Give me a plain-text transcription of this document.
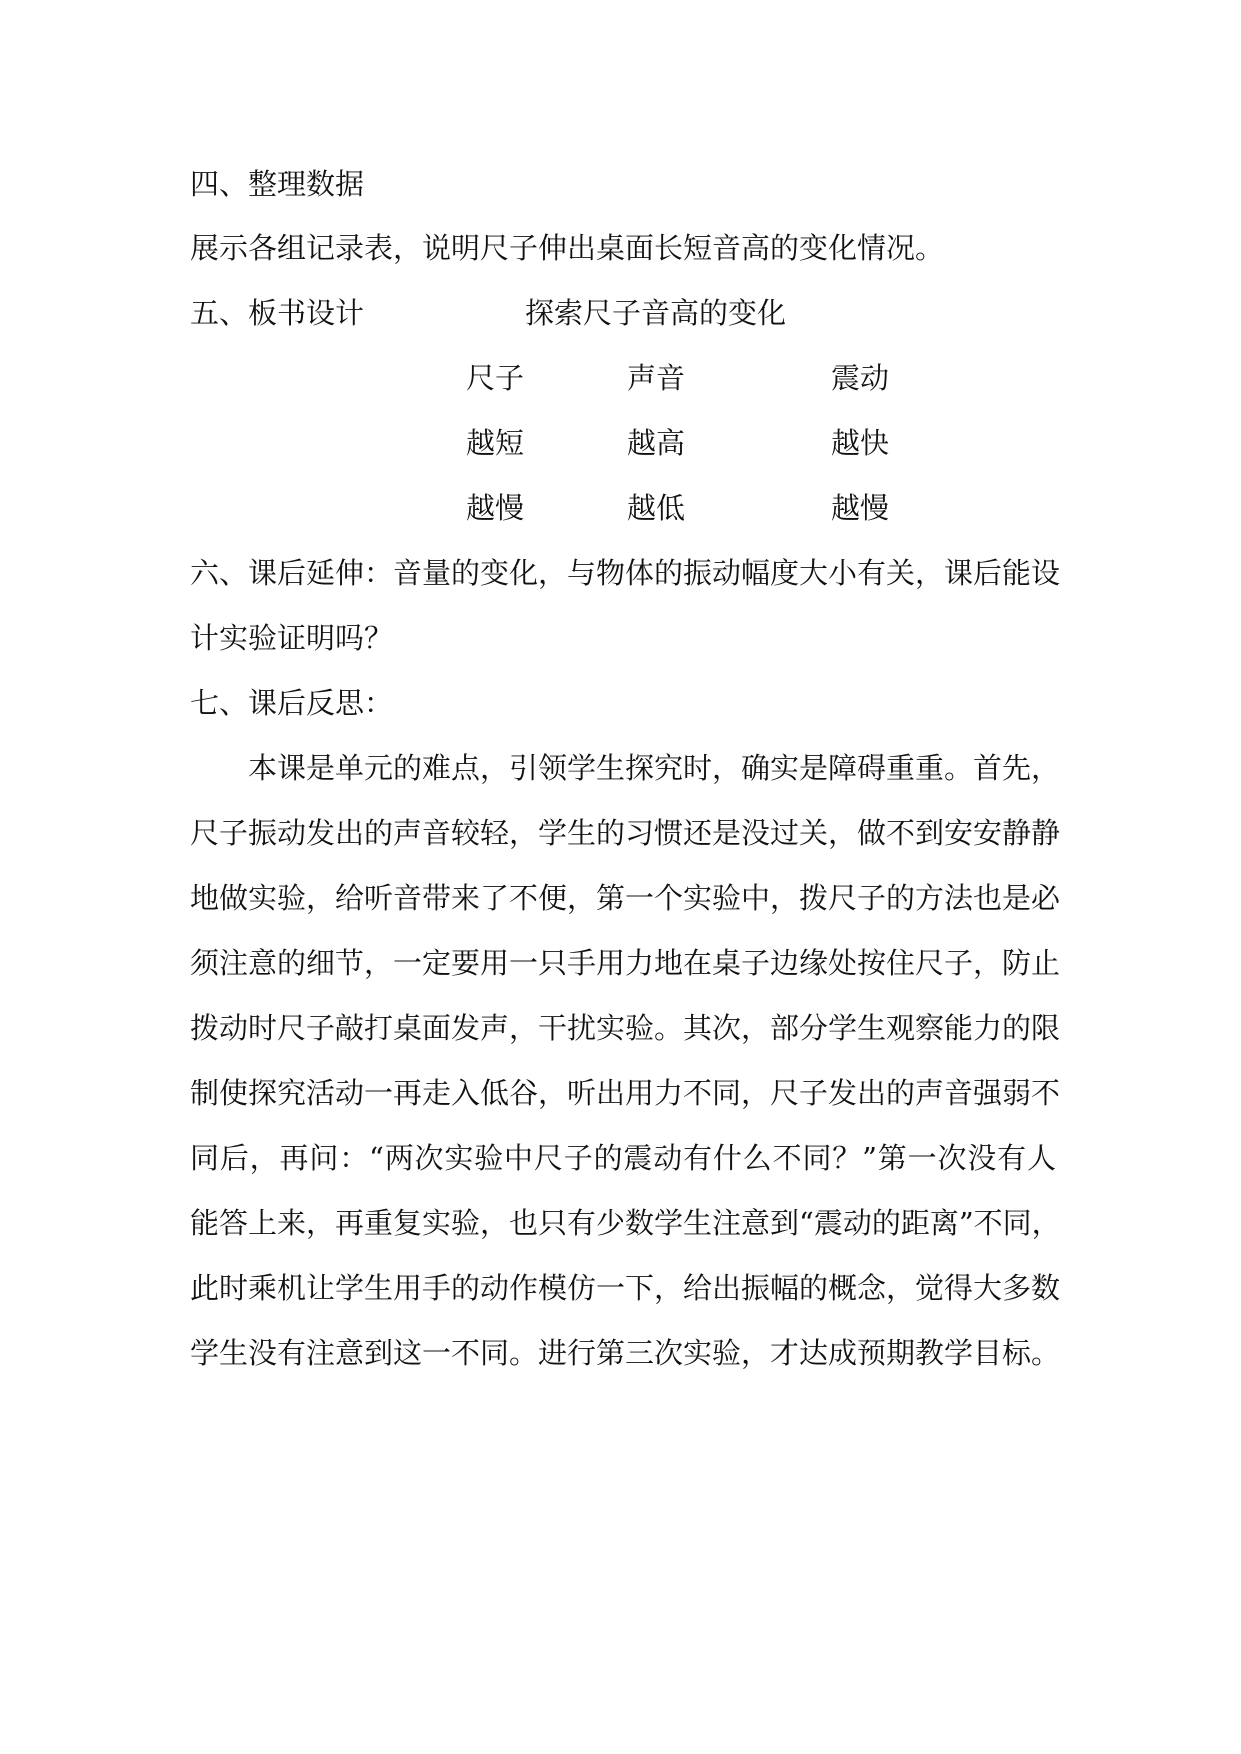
四、整理数据
展示各组记录表，说明尺子伸出桌面长短音高的变化情况。
五、板书设计	探索尺子音高的变化
尺子	声音	震动
越短	越高	越快
越慢	越低	越慢
六、课后延伸：音量的变化，与物体的振动幅度大小有关，课后能设
计实验证明吗？
七、课后反思：
本课是单元的难点，引领学生探究时，确实是障碍重重。首先，
尺子振动发出的声音较轻，学生的习惯还是没过关，做不到安安静静
地做实验，给听音带来了不便，第一个实验中，拨尺子的方法也是必
须注意的细节，一定要用一只手用力地在桌子边缘处按住尺子，防止
拨动时尺子敲打桌面发声，干扰实验。其次，部分学生观察能力的限
制使探究活动一再走入低谷，听出用力不同，尺子发出的声音强弱不
同后，再问：“两次实验中尺子的震动有什么不同？”第一次没有人
能答上来，再重复实验，也只有少数学生注意到“震动的距离”不同，
此时乘机让学生用手的动作模仿一下，给出振幅的概念，觉得大多数
学生没有注意到这一不同。进行第三次实验，才达成预期教学目标。
